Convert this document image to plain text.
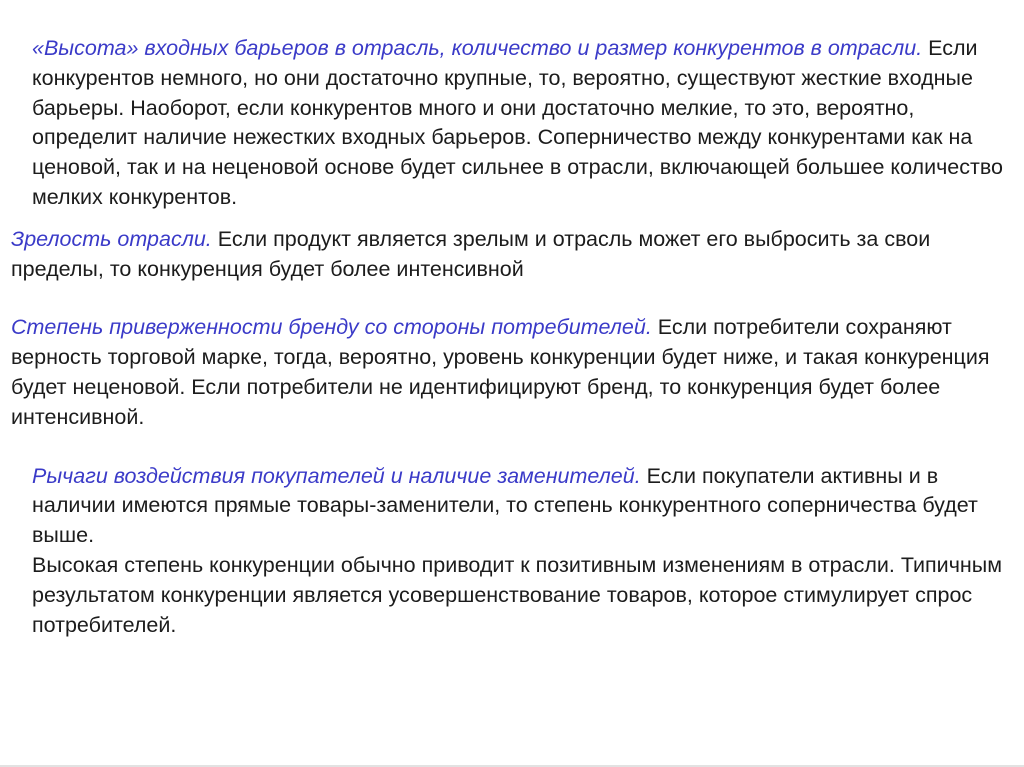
«Высота» входных барьеров в отрасль, количество и размер конкурентов в отрасли. Если конкурентов немного, но они достаточно крупные, то, вероятно, существуют жесткие входные барьеры. Наоборот, если конкурентов много и они достаточно мелкие, то это, вероятно, определит наличие нежестких входных барьеров. Соперничество между конкурентами как на ценовой, так и на неценовой основе будет сильнее в отрасли, включающей большее количество мелких конкурентов.

Зрелость отрасли. Если продукт является зрелым и отрасль может его выбросить за свои пределы, то конкуренция будет более интенсивной

Степень приверженности бренду со стороны потребителей. Если потребители сохраняют верность торговой марке, тогда, вероятно, уровень конкуренции будет ниже, и такая конкуренция будет неценовой. Если потребители не идентифицируют бренд, то конкуренция будет более интенсивной.

Рычаги воздействия покупателей и наличие заменителей. Если покупатели активны и в наличии имеются прямые товары-заменители, то степень конкурентного соперничества будет выше.

Высокая степень конкуренции обычно приводит к позитивным изменениям в отрасли. Типичным результатом конкуренции является усовершенствование товаров, которое стимулирует спрос потребителей.
